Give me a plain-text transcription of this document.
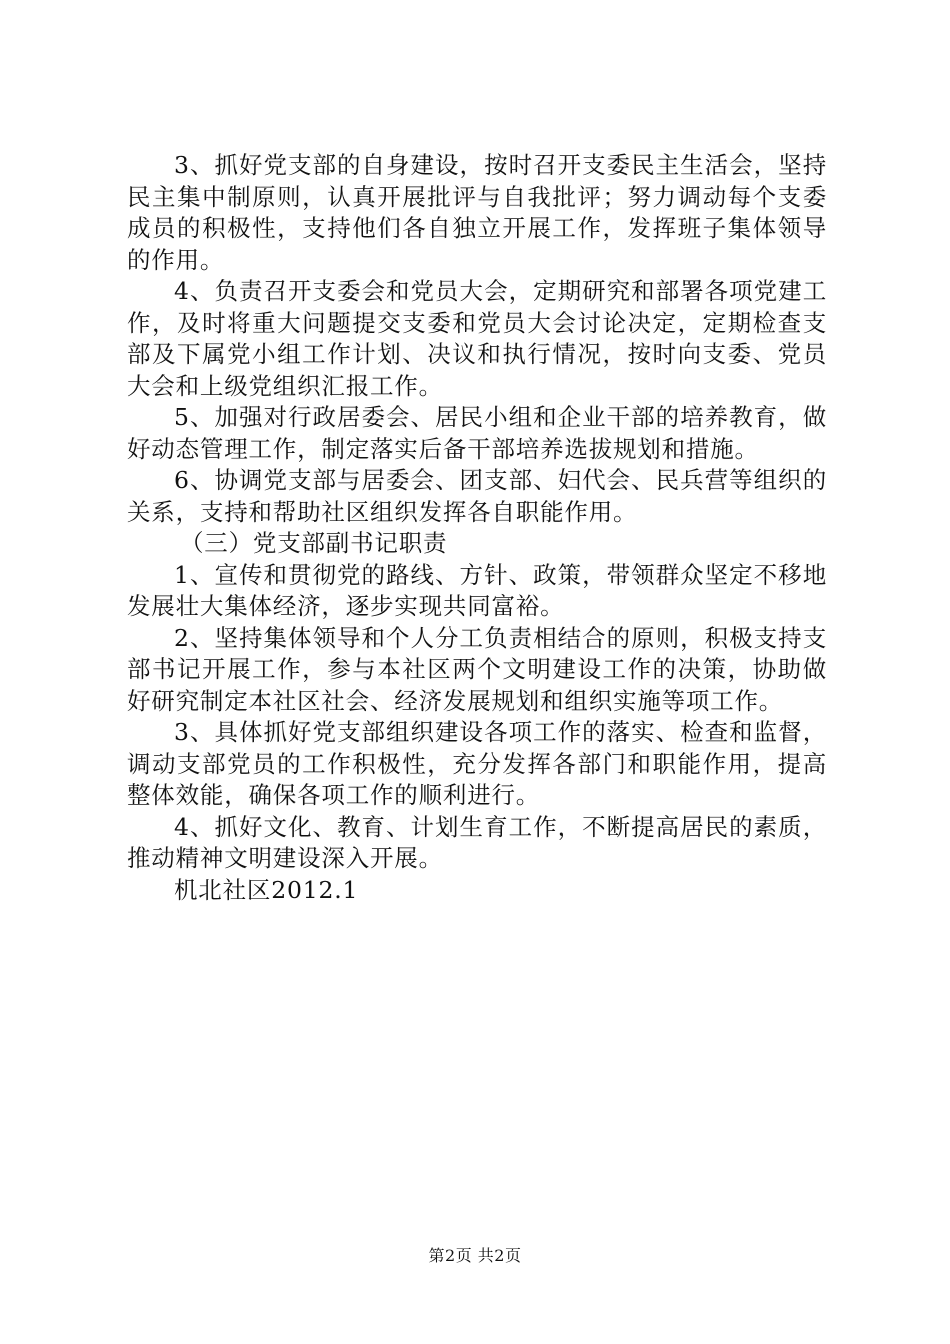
3、抓好党支部的自身建设，按时召开支委民主生活会，坚持民主集中制原则，认真开展批评与自我批评；努力调动每个支委成员的积极性，支持他们各自独立开展工作，发挥班子集体领导的作用。

4、负责召开支委会和党员大会，定期研究和部署各项党建工作，及时将重大问题提交支委和党员大会讨论决定，定期检查支部及下属党小组工作计划、决议和执行情况，按时向支委、党员大会和上级党组织汇报工作。

5、加强对行政居委会、居民小组和企业干部的培养教育，做好动态管理工作，制定落实后备干部培养选拔规划和措施。

6、协调党支部与居委会、团支部、妇代会、民兵营等组织的关系，支持和帮助社区组织发挥各自职能作用。

（三）党支部副书记职责

1、宣传和贯彻党的路线、方针、政策，带领群众坚定不移地发展壮大集体经济，逐步实现共同富裕。

2、坚持集体领导和个人分工负责相结合的原则，积极支持支部书记开展工作，参与本社区两个文明建设工作的决策，协助做好研究制定本社区社会、经济发展规划和组织实施等项工作。

3、具体抓好党支部组织建设各项工作的落实、检查和监督，调动支部党员的工作积极性，充分发挥各部门和职能作用，提高整体效能，确保各项工作的顺利进行。

4、抓好文化、教育、计划生育工作，不断提高居民的素质，推动精神文明建设深入开展。

机北社区2012.1

第2页 共2页
